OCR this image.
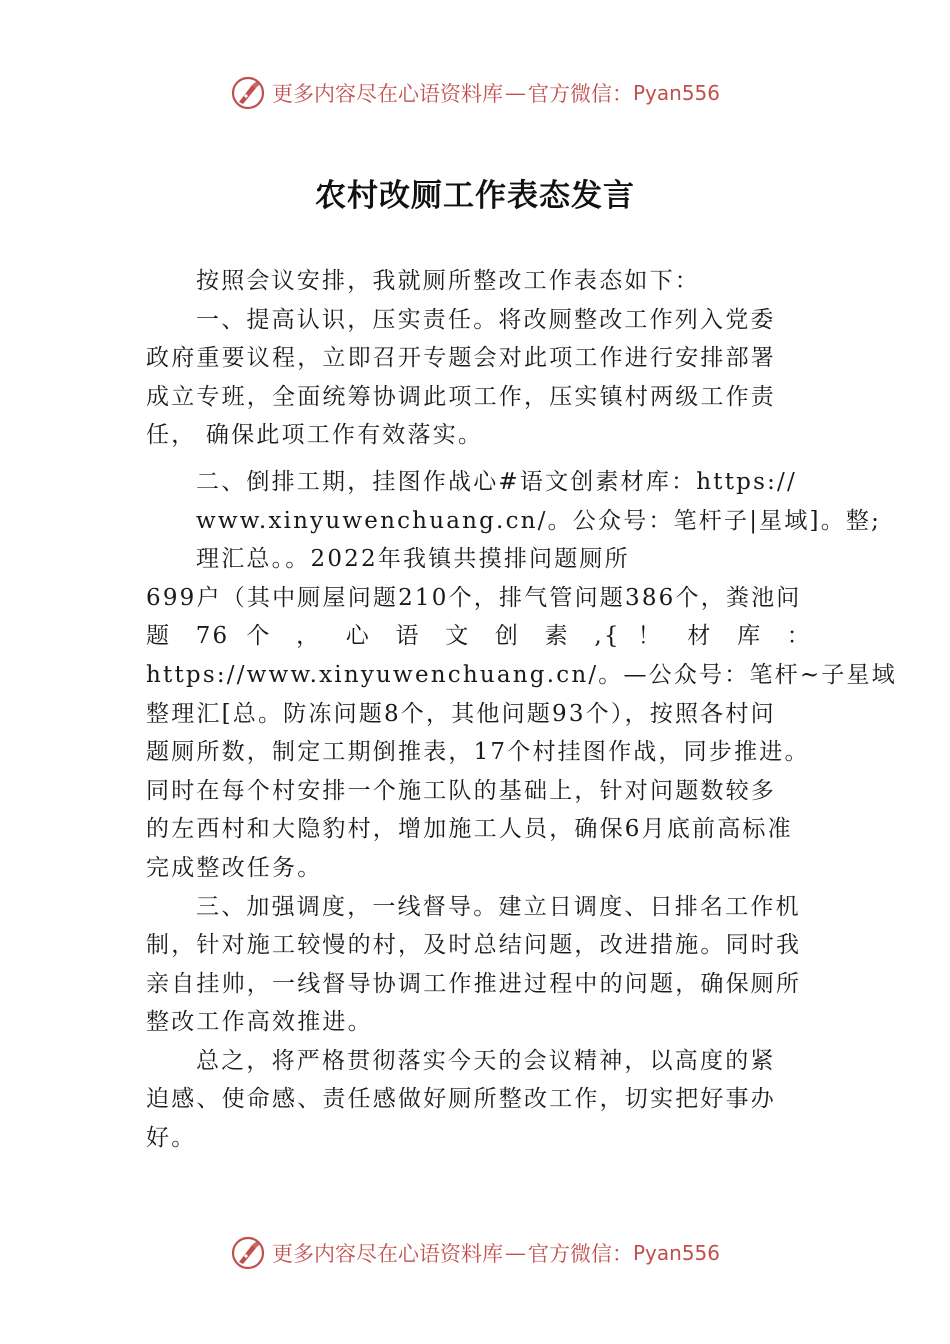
更多内容尽在心语资料库 — 官方微信： Pyan556
农村改厕工作表态发言
按照会议安排，我就厕所整改工作表态如下：
一、提高认识，压实责任。将改厕整改工作列入党委
政府重要议程，立即召开专题会对此项工作进行安排部署
成立专班，全面统筹协调此项工作，压实镇村两级工作责
任， 确保此项工作有效落实。
二、倒排工期，挂图作战心#语文创素材库：https://
www.xinyuwenchuang.cn/。公众号：笔杆子|星域]。整;
理汇总。。2022年我镇共摸排问题厕所
699户（其中厕屋问题210个，排气管问题386个，粪池问
题 76 个 ， 心 语 文 创 素 ,{ ！ 材 库 ：
https://www.xinyuwenchuang.cn/。—公众号：笔杆~子星域
整理汇[总。防冻问题8个，其他问题93个），按照各村问
题厕所数，制定工期倒推表，17个村挂图作战，同步推进。
同时在每个村安排一个施工队的基础上，针对问题数较多
的左西村和大隐豹村，增加施工人员，确保6月底前高标准
完成整改任务。
三、加强调度，一线督导。建立日调度、日排名工作机
制，针对施工较慢的村，及时总结问题，改进措施。同时我
亲自挂帅，一线督导协调工作推进过程中的问题，确保厕所
整改工作高效推进。
总之，将严格贯彻落实今天的会议精神，以高度的紧
迫感、使命感、责任感做好厕所整改工作，切实把好事办
好。
更多内容尽在心语资料库 — 官方微信： Pyan556
